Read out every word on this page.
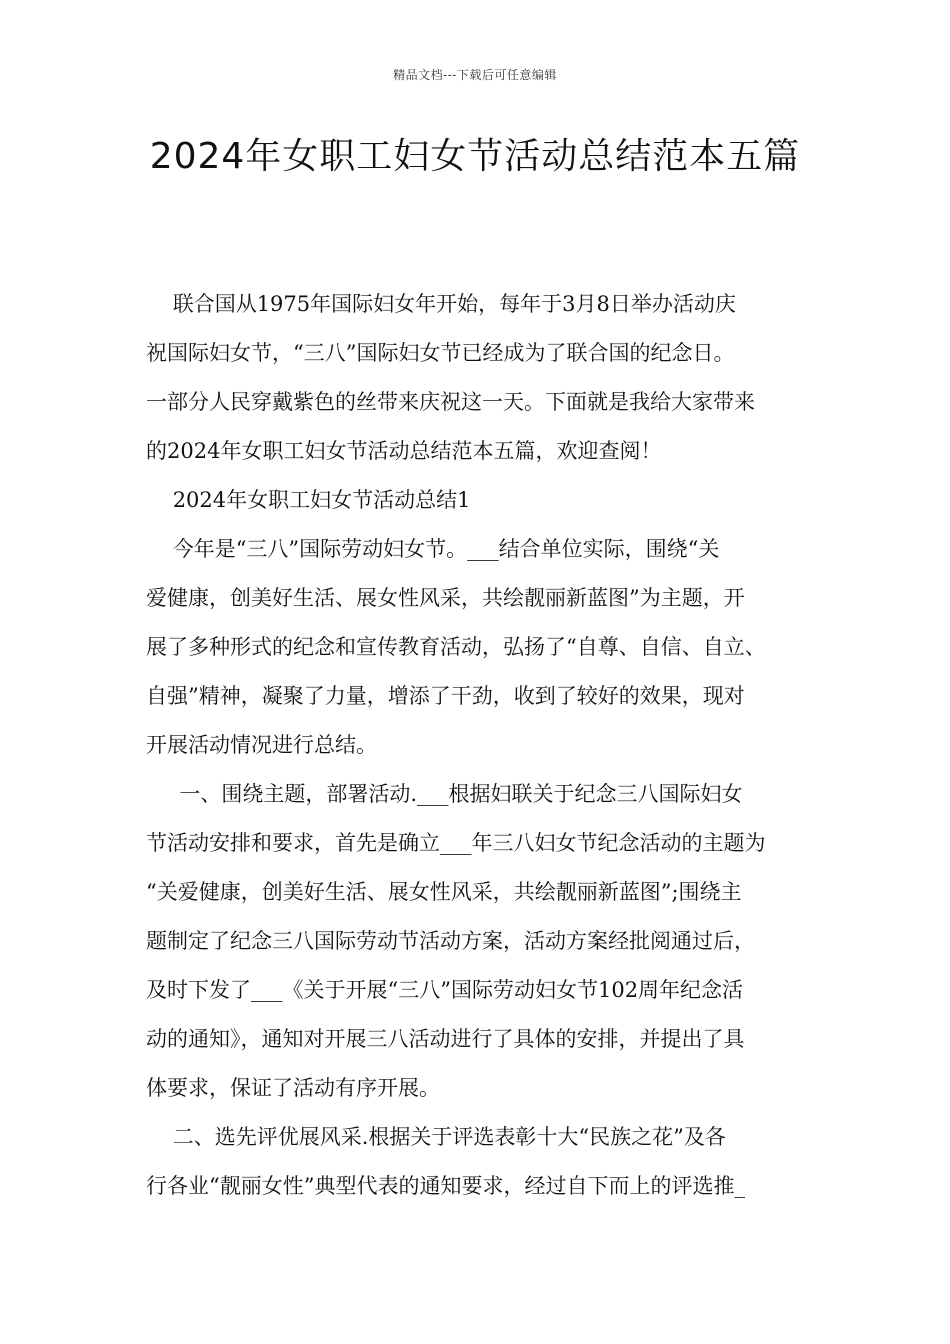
精品文档---下载后可任意编辑
2024年女职工妇女节活动总结范本五篇
联合国从1975年国际妇女年开始，每年于3月8日举办活动庆
祝国际妇女节，“三八”国际妇女节已经成为了联合国的纪念日。
一部分人民穿戴紫色的丝带来庆祝这一天。下面就是我给大家带来
的2024年女职工妇女节活动总结范本五篇，欢迎查阅！
2024年女职工妇女节活动总结1
今年是“三八”国际劳动妇女节。___结合单位实际，围绕“关
爱健康，创美好生活、展女性风采，共绘靓丽新蓝图”为主题，开
展了多种形式的纪念和宣传教育活动，弘扬了“自尊、自信、自立、
自强”精神，凝聚了力量，增添了干劲，收到了较好的效果，现对
开展活动情况进行总结。
一、围绕主题，部署活动.___根据妇联关于纪念三八国际妇女
节活动安排和要求，首先是确立___年三八妇女节纪念活动的主题为
“关爱健康，创美好生活、展女性风采，共绘靓丽新蓝图”;围绕主
题制定了纪念三八国际劳动节活动方案，活动方案经批阅通过后，
及时下发了___《关于开展“三八”国际劳动妇女节102周年纪念活
动的通知》，通知对开展三八活动进行了具体的安排，并提出了具
体要求，保证了活动有序开展。
二、选先评优展风采.根据关于评选表彰十大“民族之花”及各
行各业“靓丽女性”典型代表的通知要求，经过自下而上的评选推_
